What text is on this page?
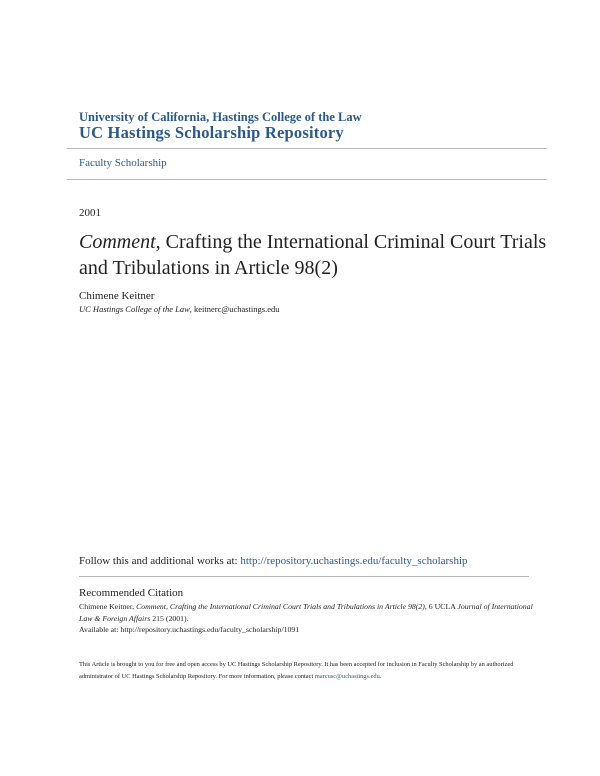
University of California, Hastings College of the Law
UC Hastings Scholarship Repository
Faculty Scholarship
2001
Comment, Crafting the International Criminal Court Trials and Tribulations in Article 98(2)
Chimene Keitner
UC Hastings College of the Law, keitnerc@uchastings.edu
Follow this and additional works at: http://repository.uchastings.edu/faculty_scholarship
Recommended Citation
Chimene Keitner, Comment, Crafting the International Criminal Court Trials and Tribulations in Article 98(2), 6 UCLA Journal of International Law & Foreign Affairs 215 (2001).
Available at: http://repository.uchastings.edu/faculty_scholarship/1091
This Article is brought to you for free and open access by UC Hastings Scholarship Repository. It has been accepted for inclusion in Faculty Scholarship by an authorized administrator of UC Hastings Scholarship Repository. For more information, please contact marcusc@uchastings.edu.
